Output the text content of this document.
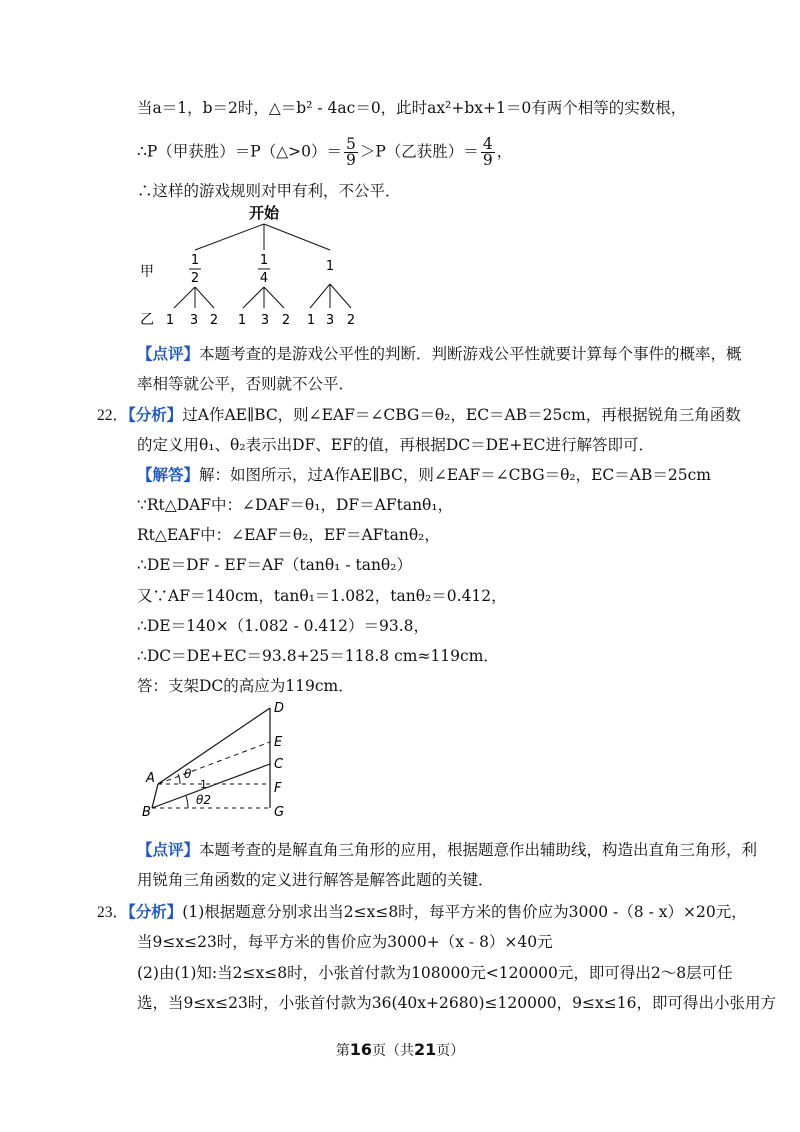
当a＝1，b＝2时，△＝b² - 4ac＝0，此时ax²+bx+1＝0有两个相等的实数根，
∴P（甲获胜）＝P（△>0）＝ $\frac{5}{9} >P$（乙获胜）＝ $\frac{4}{9}$ ，
∴这样的游戏规则对甲有利，不公平．
开始
甲
乙
1
2
1
4
1
1 3 2 1 3 2 1 3 2
【点评】本题考查的是游戏公平性的判断．判断游戏公平性就要计算每个事件的概率，概
率相等就公平，否则就不公平．
22．【分析】过A作AE∥BC，则∠EAF＝∠CBG＝θ₂，EC＝AB＝25cm，再根据锐角三角函数
的定义用θ₁、θ₂表示出DF、EF的值，再根据DC＝DE+EC进行解答即可．
【解答】解：如图所示，过A作AE∥BC，则∠EAF＝∠CBG＝θ₂，EC＝AB＝25cm
∵Rt△DAF中：∠DAF＝θ₁，DF＝AFtanθ₁，
Rt△EAF中：∠EAF＝θ₂，EF＝AFtanθ₂，
∴DE＝DF - EF＝AF（tanθ₁ - tanθ₂）
又∵AF＝140cm，tanθ₁＝1.082，tanθ₂＝0.412，
∴DE＝140×（1.082 - 0.412）＝93.8，
∴DC＝DE+EC＝93.8+25＝118.8 cm≈119cm．
答：支架DC的高应为119cm．
D
E
C
F
G
A
B
θ
1
θ2
【点评】本题考查的是解直角三角形的应用，根据题意作出辅助线，构造出直角三角形，利
用锐角三角函数的定义进行解答是解答此题的关键．
23．【分析】(1)根据题意分别求出当2≤x≤8时，每平方米的售价应为3000 -（8 - x）×20元，
当9≤x≤23时，每平方米的售价应为3000+（x - 8）×40元
(2)由(1)知:当2≤x≤8时，小张首付款为108000元<120000元，即可得出2～8层可任
选，当9≤x≤23时，小张首付款为36(40x+2680)≤120000，9≤x≤16，即可得出小张用方
第16页（共21页）
